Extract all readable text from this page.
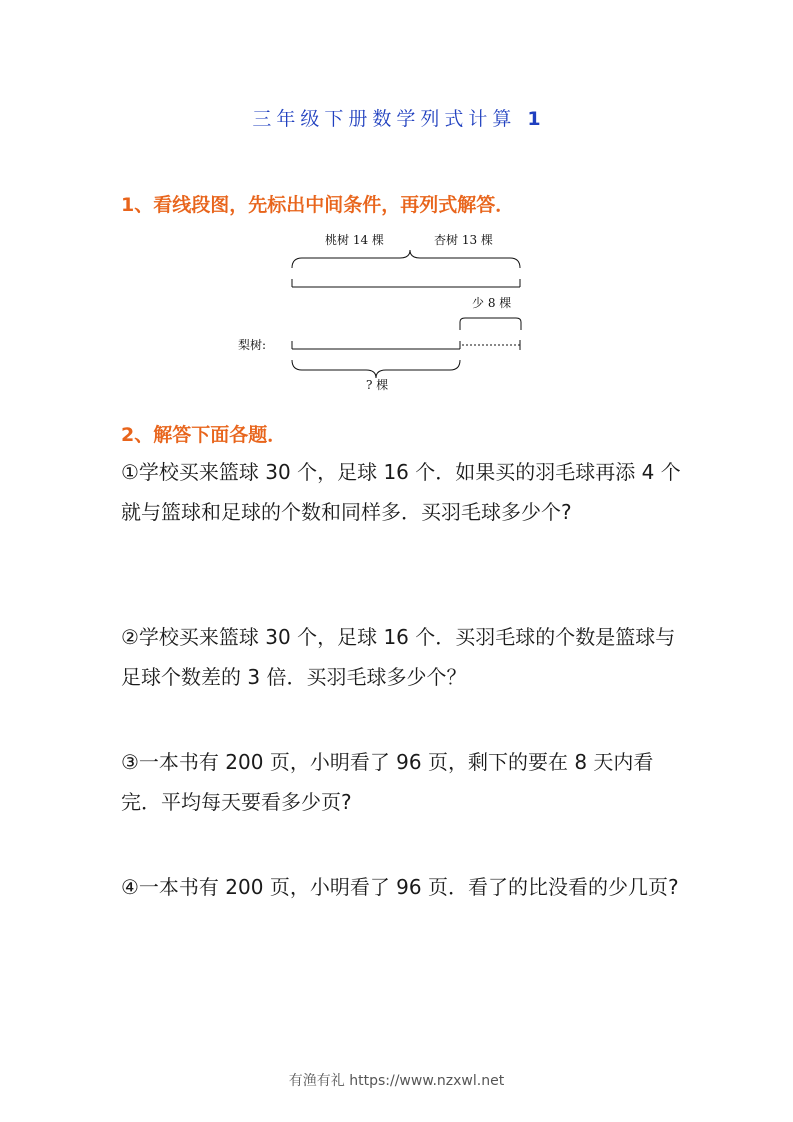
三年级下册数学列式计算 1
1、看线段图，先标出中间条件，再列式解答．
桃树 14 棵	杏树 13 棵
少 8 棵
梨树:
? 棵
2、解答下面各题．
①学校买来篮球 30 个，足球 16 个．如果买的羽毛球再添 4 个就与篮球和足球的个数和同样多．买羽毛球多少个?
②学校买来篮球 30 个，足球 16 个．买羽毛球的个数是篮球与足球个数差的 3 倍．买羽毛球多少个？
③一本书有 200 页，小明看了 96 页，剩下的要在 8 天内看完．平均每天要看多少页?
④一本书有 200 页，小明看了 96 页．看了的比没看的少几页?
有渔有礼 https://www.nzxwl.net
